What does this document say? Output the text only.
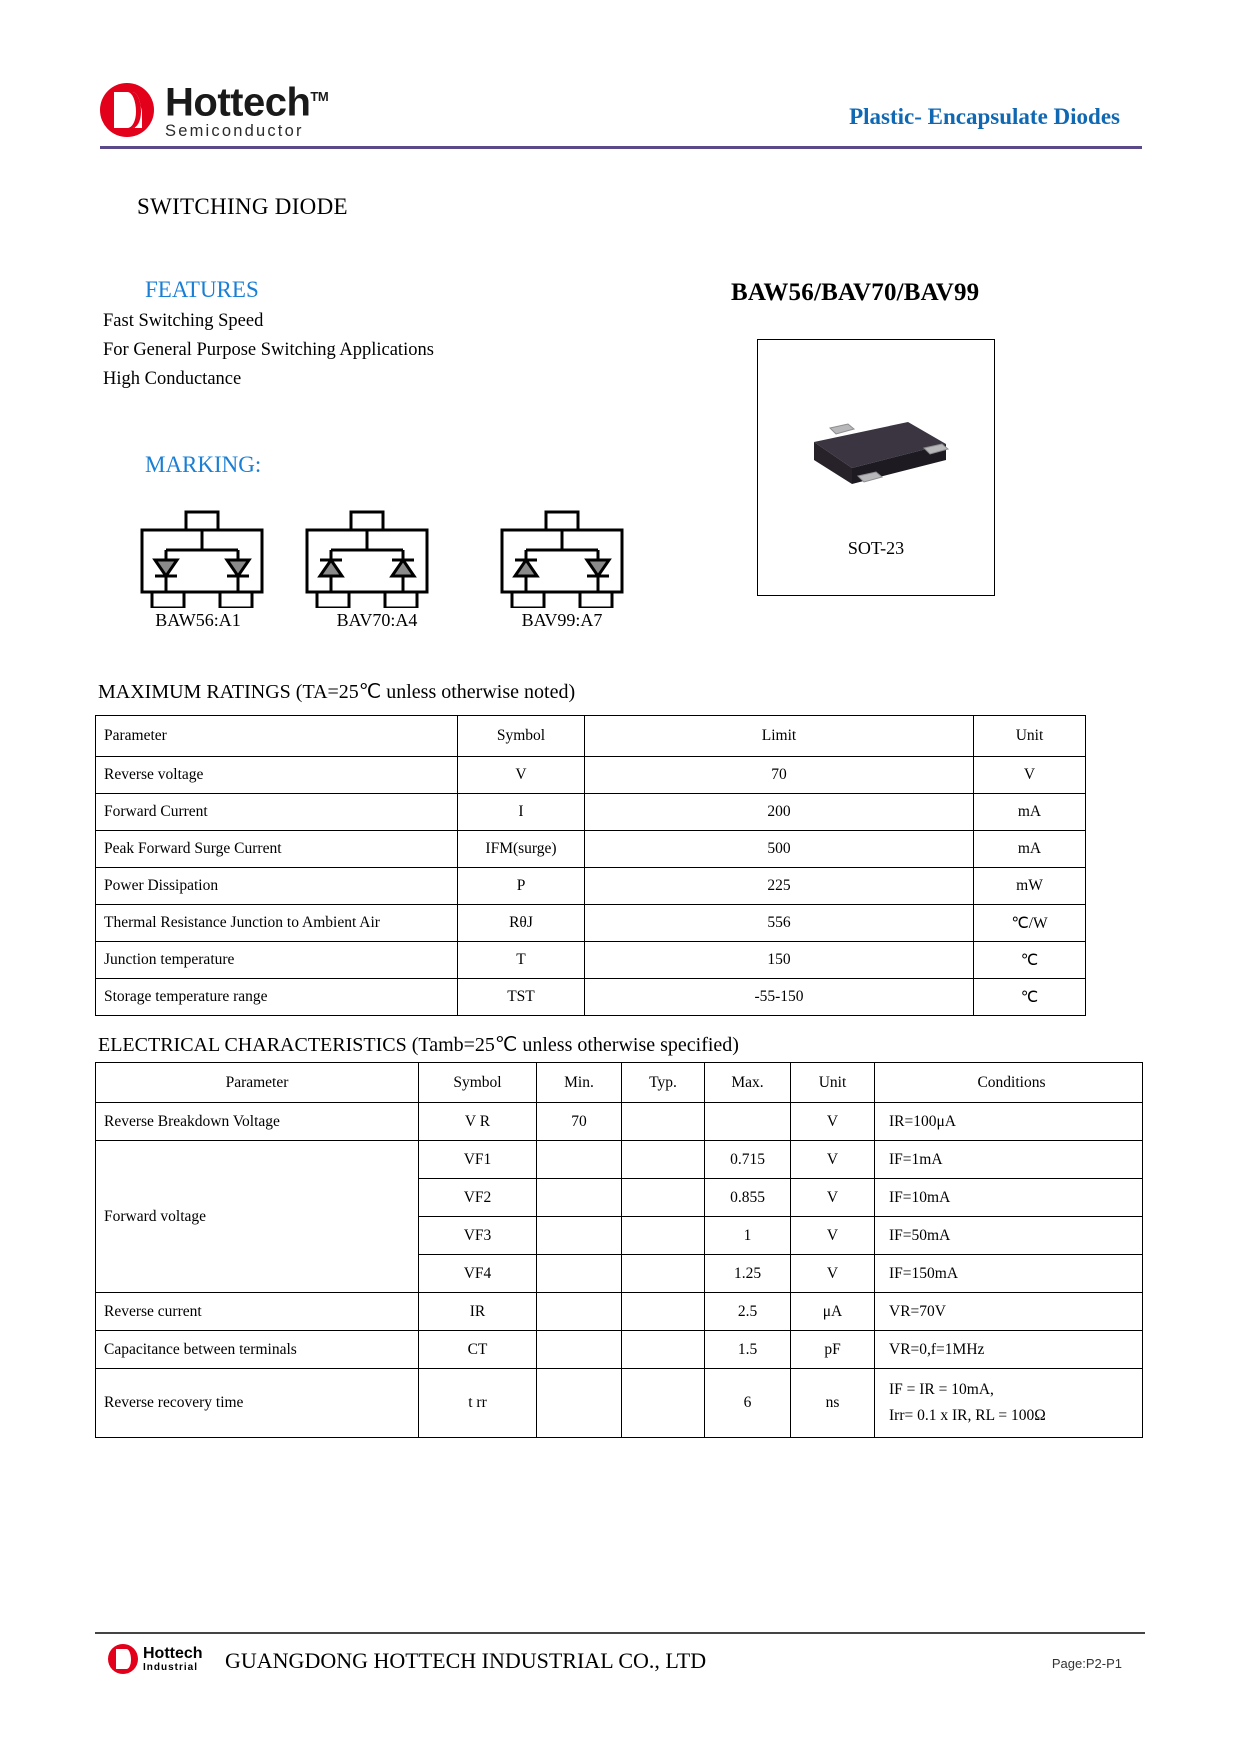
Hottech™
Semiconductor
Plastic- Encapsulate Diodes
SWITCHING DIODE
BAW56/BAV70/BAV99
FEATURES
Fast Switching Speed
For General Purpose Switching Applications
High Conductance
MARKING:
BAW56:A1	BAV70:A4	BAV99:A7
SOT-23
MAXIMUM RATINGS (TA=25℃ unless otherwise noted)
Parameter	Symbol	Limit	Unit
Reverse voltage	V	70	V
Forward Current	I	200	mA
Peak Forward Surge Current	IFM(surge)	500	mA
Power Dissipation	P	225	mW
Thermal Resistance Junction to Ambient Air	RθJ	556	℃/W
Junction temperature	T	150	℃
Storage temperature range	TST	-55-150	℃
ELECTRICAL CHARACTERISTICS (Tamb=25℃ unless otherwise specified)
Parameter	Symbol	Min.	Typ.	Max.	Unit	Conditions
Reverse Breakdown Voltage	V R	70			V	IR=100μA
Forward voltage	VF1			0.715	V	IF=1mA
	VF2			0.855	V	IF=10mA
	VF3			1	V	IF=50mA
	VF4			1.25	V	IF=150mA
Reverse current	IR			2.5	μA	VR=70V
Capacitance between terminals	CT			1.5	pF	VR=0,f=1MHz
Reverse recovery time	t rr			6	ns	IF = IR = 10mA,
Irr= 0.1 x IR, RL = 100Ω
Hottech
Industrial GUANGDONG HOTTECH INDUSTRIAL CO., LTD	Page:P2-P1
